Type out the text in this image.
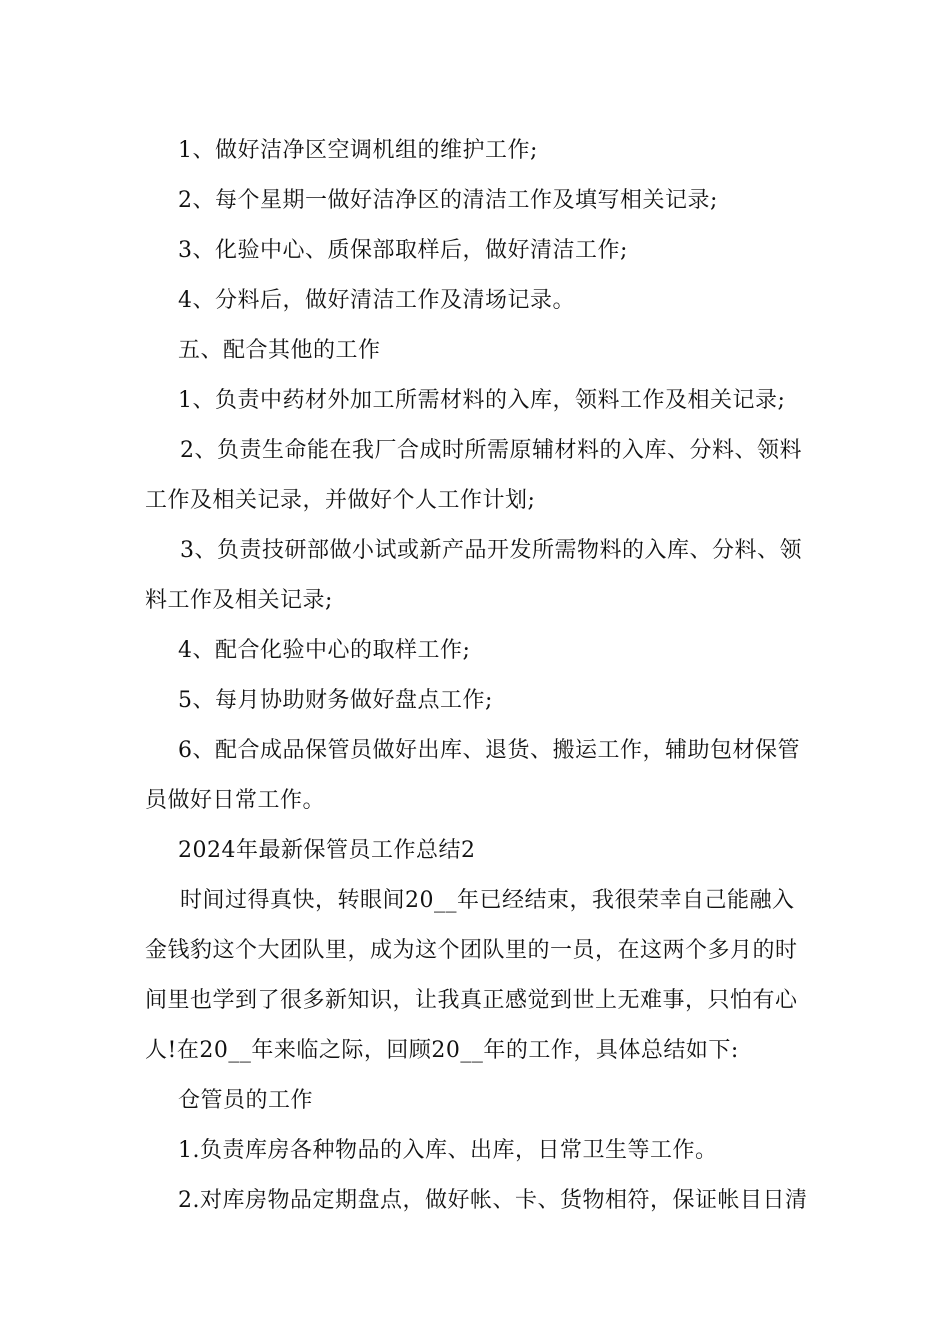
1、做好洁净区空调机组的维护工作;
2、每个星期一做好洁净区的清洁工作及填写相关记录;
3、化验中心、质保部取样后，做好清洁工作;
4、分料后，做好清洁工作及清场记录。
五、配合其他的工作
1、负责中药材外加工所需材料的入库，领料工作及相关记录;
2、负责生命能在我厂合成时所需原辅材料的入库、分料、领料
工作及相关记录，并做好个人工作计划;
3、负责技研部做小试或新产品开发所需物料的入库、分料、领
料工作及相关记录;
4、配合化验中心的取样工作;
5、每月协助财务做好盘点工作;
6、配合成品保管员做好出库、退货、搬运工作，辅助包材保管
员做好日常工作。
2024年最新保管员工作总结2
时间过得真快，转眼间20__年已经结束，我很荣幸自己能融入
金钱豹这个大团队里，成为这个团队里的一员，在这两个多月的时
间里也学到了很多新知识，让我真正感觉到世上无难事，只怕有心
人!在20__年来临之际，回顾20__年的工作，具体总结如下:
仓管员的工作
1.负责库房各种物品的入库、出库，日常卫生等工作。
2.对库房物品定期盘点，做好帐、卡、货物相符，保证帐目日清
